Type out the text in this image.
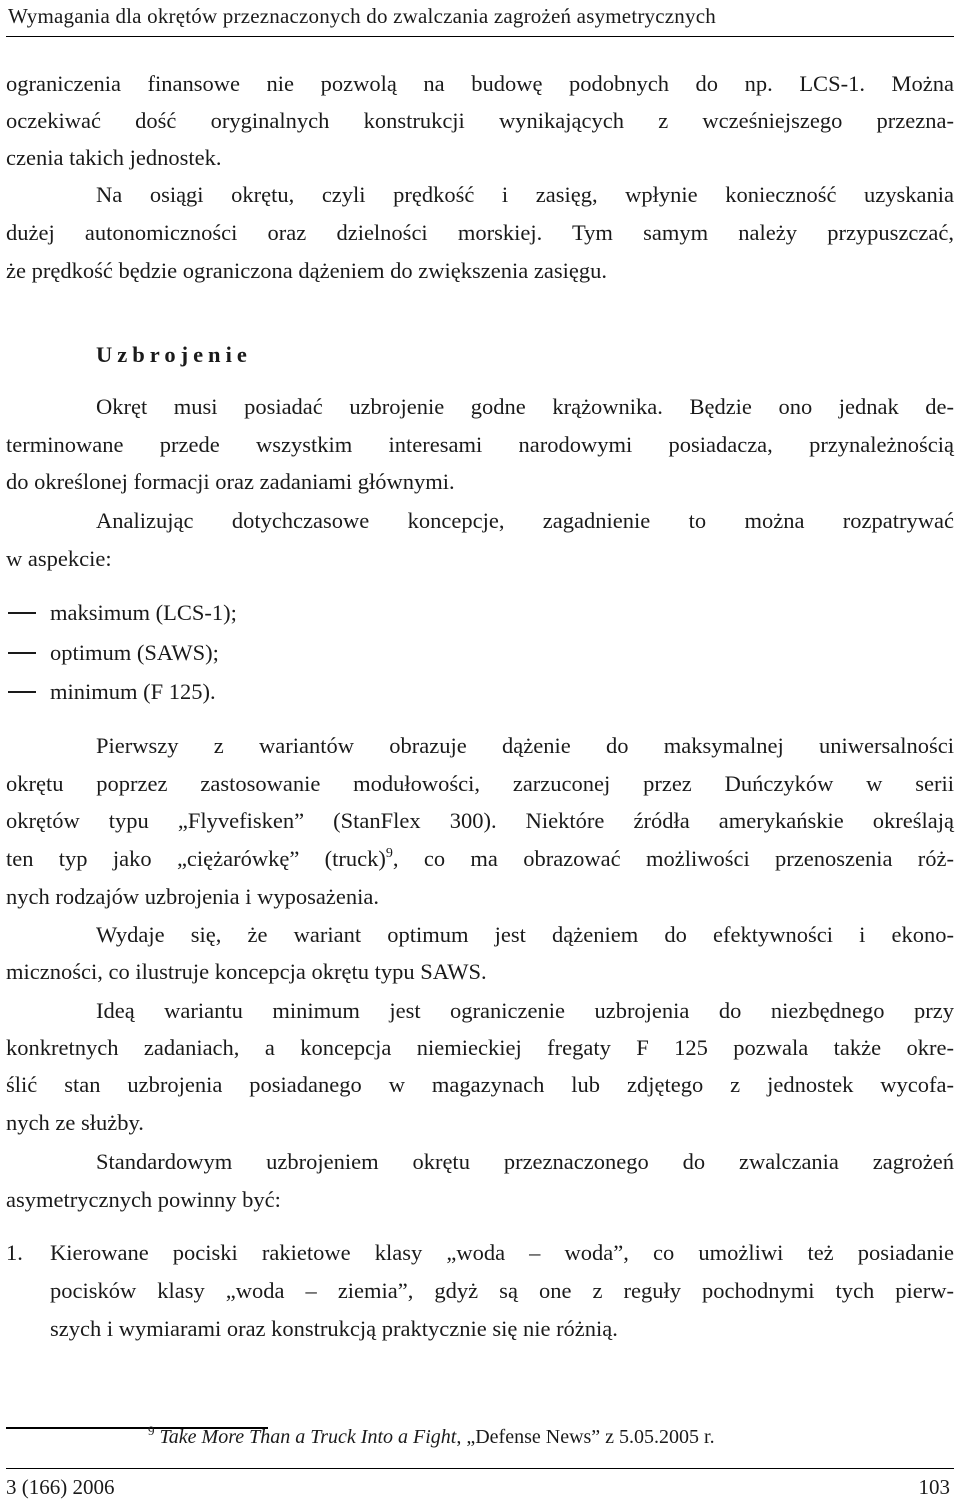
Wymagania dla okrętów przeznaczonych do zwalczania zagrożeń asymetrycznych
ograniczenia finansowe nie pozwolą na budowę podobnych do np. LCS-1. Można
oczekiwać dość oryginalnych konstrukcji wynikających z wcześniejszego przezna-
czenia takich jednostek.
Na osiągi okrętu, czyli prędkość i zasięg, wpłynie konieczność uzyskania
dużej autonomiczności oraz dzielności morskiej. Tym samym należy przypuszczać,
że prędkość będzie ograniczona dążeniem do zwiększenia zasięgu.
Uzbrojenie
Okręt musi posiadać uzbrojenie godne krążownika. Będzie ono jednak de-
terminowane przede wszystkim interesami narodowymi posiadacza, przynależnością
do określonej formacji oraz zadaniami głównymi.
Analizując dotychczasowe koncepcje, zagadnienie to można rozpatrywać
w aspekcie:
maksimum (LCS-1);
optimum (SAWS);
minimum (F 125).
Pierwszy z wariantów obrazuje dążenie do maksymalnej uniwersalności
okrętu poprzez zastosowanie modułowości, zarzuconej przez Duńczyków w serii
okrętów typu „Flyvefisken” (StanFlex 300). Niektóre źródła amerykańskie określają
ten typ jako „ciężarówkę” (truck)$^9$, co ma obrazować możliwości przenoszenia róż-
nych rodzajów uzbrojenia i wyposażenia.
Wydaje się, że wariant optimum jest dążeniem do efektywności i ekono-
miczności, co ilustruje koncepcja okrętu typu SAWS.
Ideą wariantu minimum jest ograniczenie uzbrojenia do niezbędnego przy
konkretnych zadaniach, a koncepcja niemieckiej fregaty F 125 pozwala także okre-
ślić stan uzbrojenia posiadanego w magazynach lub zdjętego z jednostek wycofa-
nych ze służby.
Standardowym uzbrojeniem okrętu przeznaczonego do zwalczania zagrożeń
asymetrycznych powinny być:
1. Kierowane pociski rakietowe klasy „woda – woda”, co umożliwi też posiadanie
pocisków klasy „woda – ziemia”, gdyż są one z reguły pochodnymi tych pierw-
szych i wymiarami oraz konstrukcją praktycznie się nie różnią.
$^9$ Take More Than a Truck Into a Fight, „Defense News” z 5.05.2005 r.
3 (166) 2006	103
